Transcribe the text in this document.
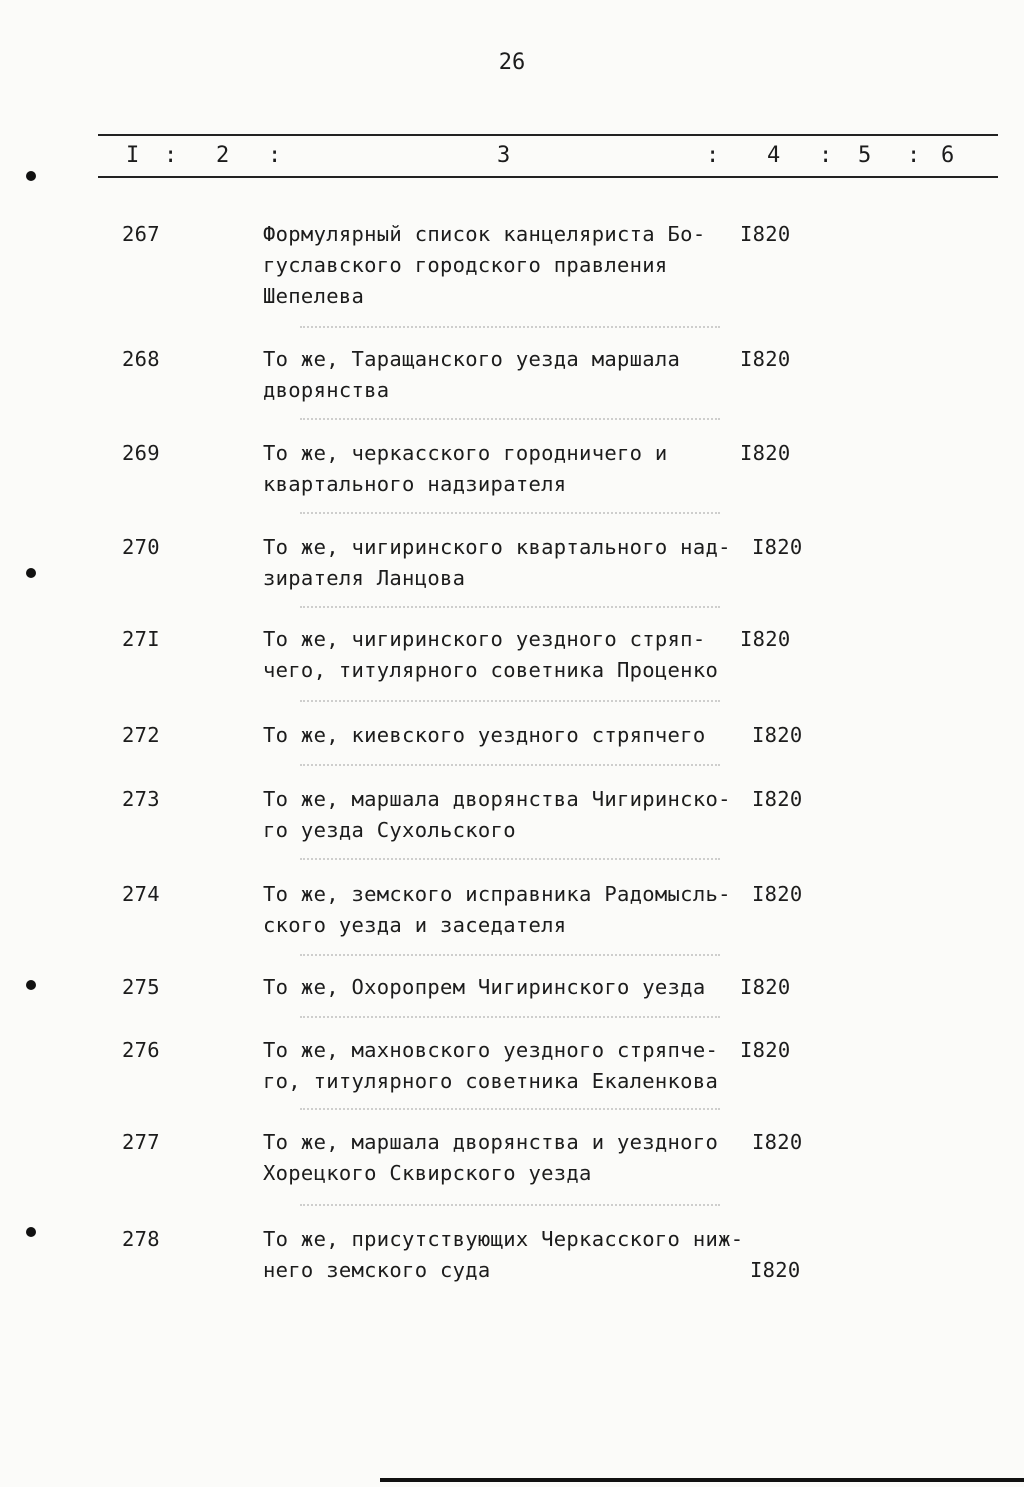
26
I : 2 :	3	: 4 : 5 : 6
267	Формулярный список канцеляриста Бо-
гуславского городского правления
Шепелева
I820
268	То же, Таращанского уезда маршала
дворянства
I820
269	То же, черкасского городничего и
квартального надзирателя
I820
270	То же, чигиринского квартального над-
зирателя Ланцова
I820
27I	То же, чигиринского уездного стряп-
чего, титулярного советника Проценко
I820
272	То же, киевского уездного стряпчего	I820
273	То же, маршала дворянства Чигиринско-
го уезда Сухольского
I820
274	То же, земского исправника Радомысль-
ского уезда и заседателя
I820
275	То же, Охоропрем Чигиринского уезда	I820
276	То же, махновского уездного стряпче-
го, титулярного советника Екаленкова
I820
277	То же, маршала дворянства и уездного
Хорецкого Сквирского уезда
I820
278	То же, присутствующих Черкасского ниж-
него земского суда	I820
